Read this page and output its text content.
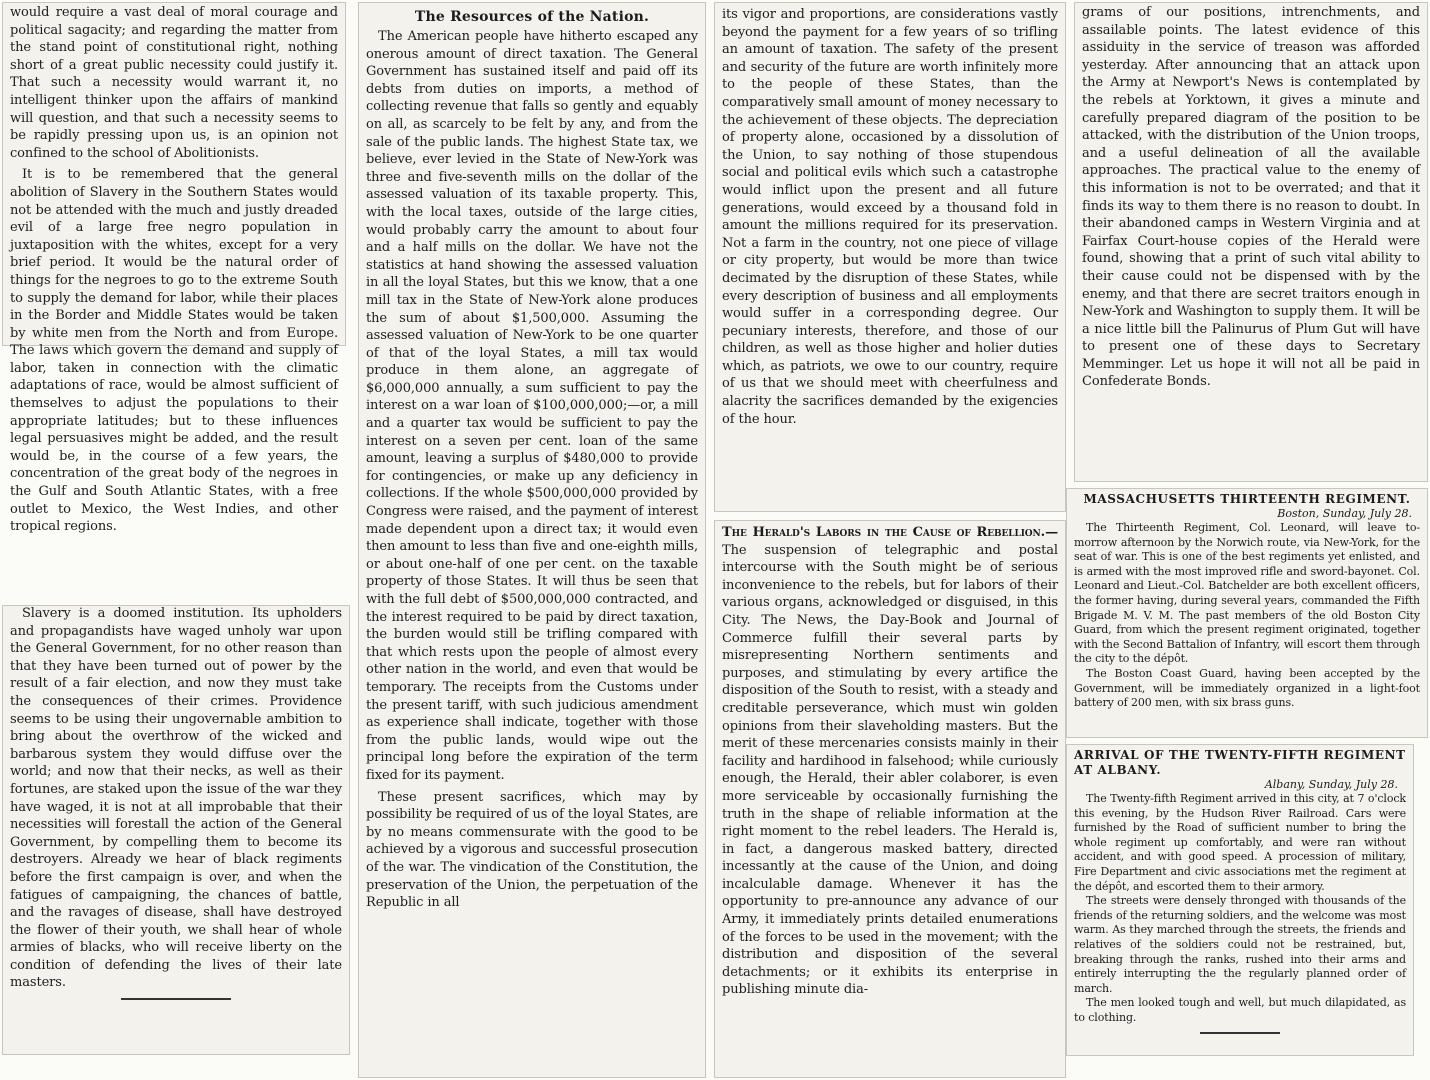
would require a vast deal of moral courage and political sagacity; and regarding the matter from the stand point of constitutional right, nothing short of a great public necessity could justify it. That such a necessity would warrant it, no intelligent thinker upon the affairs of mankind will question, and that such a necessity seems to be rapidly pressing upon us, is an opinion not confined to the school of Abolitionists.

It is to be remembered that the general abolition of Slavery in the Southern States would not be attended with the much and justly dreaded evil of a large free negro population in juxtaposition with the whites, except for a very brief period. It would be the natural order of things for the negroes to go to the extreme South to supply the demand for labor, while their places in the Border and Middle States would be taken by white men from the North and from Europe. The laws which govern the demand and supply of labor, taken in connection with the climatic adaptations of race, would be almost sufficient of themselves to adjust the populations to their appropriate latitudes; but to these influences legal persuasives might be added, and the result would be, in the course of a few years, the concentration of the great body of the negroes in the Gulf and South Atlantic States, with a free outlet to Mexico, the West Indies, and other tropical regions.

Slavery is a doomed institution. Its upholders and propagandists have waged unholy war upon the General Government, for no other reason than that they have been turned out of power by the result of a fair election, and now they must take the consequences of their crimes. Providence seems to be using their ungovernable ambition to bring about the overthrow of the wicked and barbarous system they would diffuse over the world; and now that their necks, as well as their fortunes, are staked upon the issue of the war they have waged, it is not at all improbable that their necessities will forestall the action of the General Government, by compelling them to become its destroyers. Already we hear of black regiments before the first campaign is over, and when the fatigues of campaigning, the chances of battle, and the ravages of disease, shall have destroyed the flower of their youth, we shall hear of whole armies of blacks, who will receive liberty on the condition of defending the lives of their late masters.

The Resources of the Nation.

The American people have hitherto escaped any onerous amount of direct taxation. The General Government has sustained itself and paid off its debts from duties on imports, a method of collecting revenue that falls so gently and equably on all, as scarcely to be felt by any, and from the sale of the public lands. The highest State tax, we believe, ever levied in the State of New-York was three and five-seventh mills on the dollar of the assessed valuation of its taxable property. This, with the local taxes, outside of the large cities, would probably carry the amount to about four and a half mills on the dollar. We have not the statistics at hand showing the assessed valuation in all the loyal States, but this we know, that a one mill tax in the State of New-York alone produces the sum of about $1,500,000. Assuming the assessed valuation of New-York to be one quarter of that of the loyal States, a mill tax would produce in them alone, an aggregate of $6,000,000 annually, a sum sufficient to pay the interest on a war loan of $100,000,000;—or, a mill and a quarter tax would be sufficient to pay the interest on a seven per cent. loan of the same amount, leaving a surplus of $480,000 to provide for contingencies, or make up any deficiency in collections. If the whole $500,000,000 provided by Congress were raised, and the payment of interest made dependent upon a direct tax; it would even then amount to less than five and one-eighth mills, or about one-half of one per cent. on the taxable property of those States. It will thus be seen that with the full debt of $500,000,000 contracted, and the interest required to be paid by direct taxation, the burden would still be trifling compared with that which rests upon the people of almost every other nation in the world, and even that would be temporary. The receipts from the Customs under the present tariff, with such judicious amendment as experience shall indicate, together with those from the public lands, would wipe out the principal long before the expiration of the term fixed for its payment.

These present sacrifices, which may by possibility be required of us of the loyal States, are by no means commensurate with the good to be achieved by a vigorous and successful prosecution of the war. The vindication of the Constitution, the preservation of the Union, the perpetuation of the Republic in all

its vigor and proportions, are considerations vastly beyond the payment for a few years of so trifling an amount of taxation. The safety of the present and security of the future are worth infinitely more to the people of these States, than the comparatively small amount of money necessary to the achievement of these objects. The depreciation of property alone, occasioned by a dissolution of the Union, to say nothing of those stupendous social and political evils which such a catastrophe would inflict upon the present and all future generations, would exceed by a thousand fold in amount the millions required for its preservation. Not a farm in the country, not one piece of village or city property, but would be more than twice decimated by the disruption of these States, while every description of business and all employments would suffer in a corresponding degree. Our pecuniary interests, therefore, and those of our children, as well as those higher and holier duties which, as patriots, we owe to our country, require of us that we should meet with cheerfulness and alacrity the sacrifices demanded by the exigencies of the hour.

The Herald's Labors in the Cause of Rebellion.—The suspension of telegraphic and postal intercourse with the South might be of serious inconvenience to the rebels, but for labors of their various organs, acknowledged or disguised, in this City. The News, the Day-Book and Journal of Commerce fulfill their several parts by misrepresenting Northern sentiments and purposes, and stimulating by every artifice the disposition of the South to resist, with a steady and creditable perseverance, which must win golden opinions from their slaveholding masters. But the merit of these mercenaries consists mainly in their facility and hardihood in falsehood; while curiously enough, the Herald, their abler colaborer, is even more serviceable by occasionally furnishing the truth in the shape of reliable information at the right moment to the rebel leaders. The Herald is, in fact, a dangerous masked battery, directed incessantly at the cause of the Union, and doing incalculable damage. Whenever it has the opportunity to pre-announce any advance of our Army, it immediately prints detailed enumerations of the forces to be used in the movement; with the distribution and disposition of the several detachments; or it exhibits its enterprise in publishing minute dia-

grams of our positions, intrenchments, and assailable points. The latest evidence of this assiduity in the service of treason was afforded yesterday. After announcing that an attack upon the Army at Newport's News is contemplated by the rebels at Yorktown, it gives a minute and carefully prepared diagram of the position to be attacked, with the distribution of the Union troops, and a useful delineation of all the available approaches. The practical value to the enemy of this information is not to be overrated; and that it finds its way to them there is no reason to doubt. In their abandoned camps in Western Virginia and at Fairfax Court-house copies of the Herald were found, showing that a print of such vital ability to their cause could not be dispensed with by the enemy, and that there are secret traitors enough in New-York and Washington to supply them. It will be a nice little bill the Palinurus of Plum Gut will have to present one of these days to Secretary Memminger. Let us hope it will not all be paid in Confederate Bonds.

MASSACHUSETTS THIRTEENTH REGIMENT.
Boston, Sunday, July 28.

The Thirteenth Regiment, Col. Leonard, will leave to-morrow afternoon by the Norwich route, via New-York, for the seat of war. This is one of the best regiments yet enlisted, and is armed with the most improved rifle and sword-bayonet. Col. Leonard and Lieut.-Col. Batchelder are both excellent officers, the former having, during several years, commanded the Fifth Brigade M. V. M. The past members of the old Boston City Guard, from which the present regiment originated, together with the Second Battalion of Infantry, will escort them through the city to the dépôt.

The Boston Coast Guard, having been accepted by the Government, will be immediately organized in a light-foot battery of 200 men, with six brass guns.

ARRIVAL OF THE TWENTY-FIFTH REGIMENT AT ALBANY.
Albany, Sunday, July 28.

The Twenty-fifth Regiment arrived in this city, at 7 o'clock this evening, by the Hudson River Railroad. Cars were furnished by the Road of sufficient number to bring the whole regiment up comfortably, and were ran without accident, and with good speed. A procession of military, Fire Department and civic associations met the regiment at the dépôt, and escorted them to their armory.

The streets were densely thronged with thousands of the friends of the returning soldiers, and the welcome was most warm. As they marched through the streets, the friends and relatives of the soldiers could not be restrained, but, breaking through the ranks, rushed into their arms and entirely interrupting the the regularly planned order of march.

The men looked tough and well, but much dilapidated, as to clothing.
